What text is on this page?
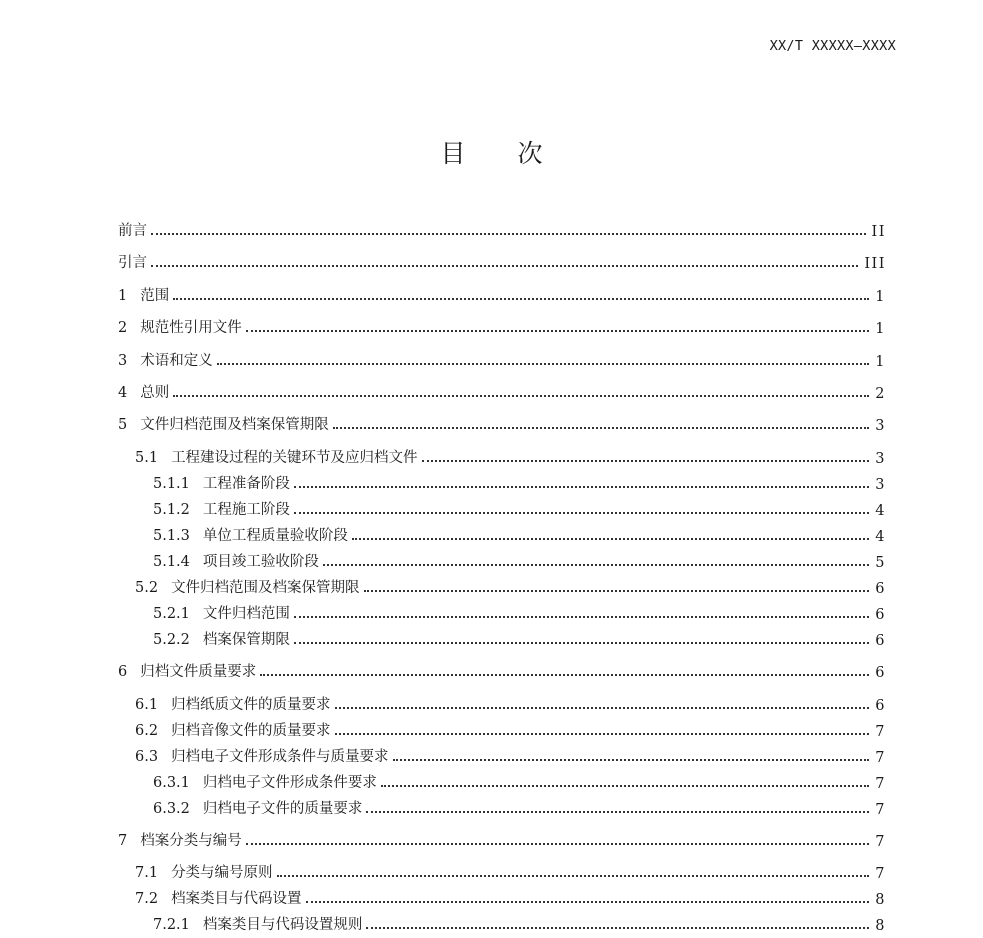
XX/T XXXXX—XXXX
目次
前言	II
引言	III
1 范围	1
2 规范性引用文件	1
3 术语和定义	1
4 总则	2
5 文件归档范围及档案保管期限	3
5.1 工程建设过程的关键环节及应归档文件	3
5.1.1 工程准备阶段	3
5.1.2 工程施工阶段	4
5.1.3 单位工程质量验收阶段	4
5.1.4 项目竣工验收阶段	5
5.2 文件归档范围及档案保管期限	6
5.2.1 文件归档范围	6
5.2.2 档案保管期限	6
6 归档文件质量要求	6
6.1 归档纸质文件的质量要求	6
6.2 归档音像文件的质量要求	7
6.3 归档电子文件形成条件与质量要求	7
6.3.1 归档电子文件形成条件要求	7
6.3.2 归档电子文件的质量要求	7
7 档案分类与编号	7
7.1 分类与编号原则	7
7.2 档案类目与代码设置	8
7.2.1 档案类目与代码设置规则	8
